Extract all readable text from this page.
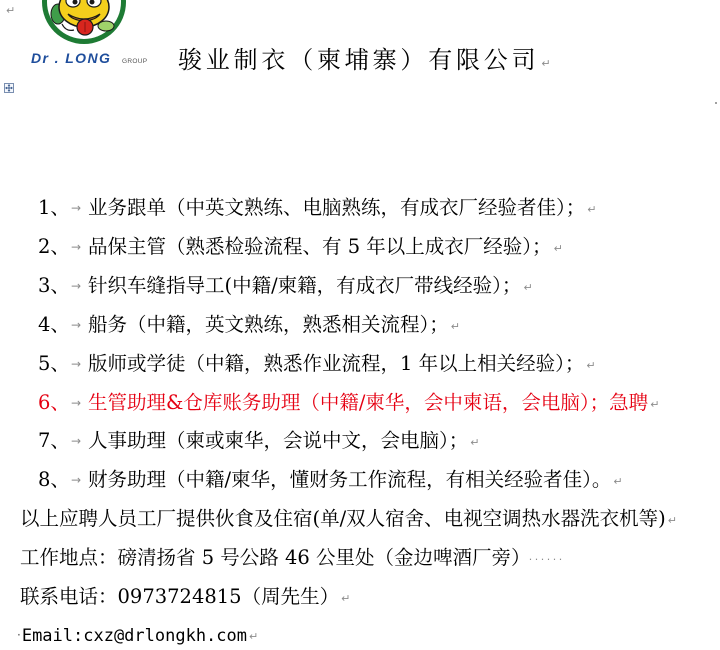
↵
Dr . LONG GROUP 骏业制衣（柬埔寨）有限公司 ↵
1、 → 业务跟单（中英文熟练、电脑熟练，有成衣厂经验者佳）； ↵
2、 → 品保主管（熟悉检验流程、有 5 年以上成衣厂经验）； ↵
3、 → 针织车缝指导工(中籍/柬籍，有成衣厂带线经验）； ↵
4、 → 船务（中籍，英文熟练，熟悉相关流程）； ↵
5、 → 版师或学徒（中籍，熟悉作业流程，1 年以上相关经验）； ↵
6、 → 生管助理&仓库账务助理（中籍/柬华，会中柬语，会电脑）；急聘 ↵
7、 → 人事助理（柬或柬华，会说中文，会电脑）； ↵
8、 → 财务助理（中籍/柬华，懂财务工作流程，有相关经验者佳）。 ↵
以上应聘人员工厂提供伙食及住宿(单/双人宿舍、电视空调热水器洗衣机等) ↵
工作地点：磅清扬省 5 号公路 46 公里处（金边啤酒厂旁） ······
联系电话：0973724815（周先生） ↵
·Email:cxz@drlongkh.com ↵
